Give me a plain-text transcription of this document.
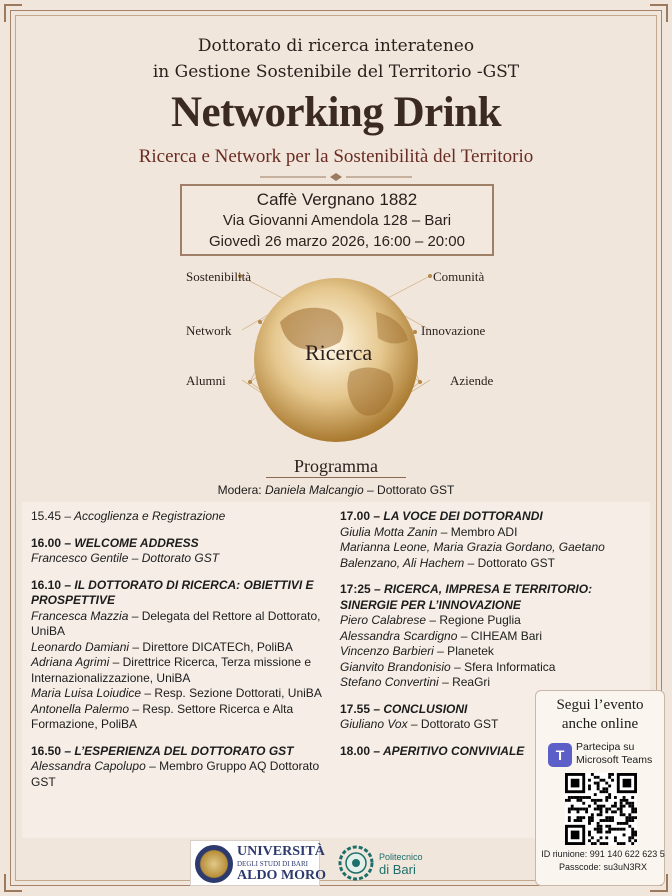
Dottorato di ricerca interateneo
in Gestione Sostenibile del Territorio -GST
Networking Drink
Ricerca e Network per la Sostenibilità del Territorio
Caffè Vergnano 1882
Via Giovanni Amendola 128 – Bari
Giovedì 26 marzo 2026, 16:00 – 20:00
Sostenibilità
Network
Alumni
Comunità
Innovazione
Aziende
Ricerca
Programma
Modera: Daniela Malcangio – Dottorato GST
15.45 – Accoglienza e Registrazione
16.00 – WELCOME ADDRESS
Francesco Gentile – Dottorato GST
16.10 – IL DOTTORATO DI RICERCA: OBIETTIVI E PROSPETTIVE
Francesca Mazzia – Delegata del Rettore al Dottorato, UniBA
Leonardo Damiani – Direttore DICATECh, PoliBA
Adriana Agrimi – Direttrice Ricerca, Terza missione e Internazionalizzazione, UniBA
Maria Luisa Loiudice – Resp. Sezione Dottorati, UniBA
Antonella Palermo – Resp. Settore Ricerca e Alta Formazione, PoliBA
16.50 – L’ESPERIENZA DEL DOTTORATO GST
Alessandra Capolupo – Membro Gruppo AQ Dottorato GST
17.00 – LA VOCE DEI DOTTORANDI
Giulia Motta Zanin – Membro ADI
Marianna Leone, Maria Grazia Gordano, Gaetano Balenzano, Ali Hachem – Dottorato GST
17:25 – RICERCA, IMPRESA E TERRITORIO: SINERGIE PER L’INNOVAZIONE
Piero Calabrese – Regione Puglia
Alessandra Scardigno – CIHEAM Bari
Vincenzo Barbieri – Planetek
Gianvito Brandonisio – Sfera Informatica
Stefano Convertini – ReaGri
17.55 – CONCLUSIONI
Giuliano Vox – Dottorato GST
18.00 – APERITIVO CONVIVIALE
Segui l’evento
anche online
T	Partecipa su
Microsoft Teams
ID riunione: 991 140 622 623 5
Passcode: su3uN3RX
UNIVERSITÀ
DEGLI STUDI DI BARI
ALDO MORO
Politecnico
di Bari
